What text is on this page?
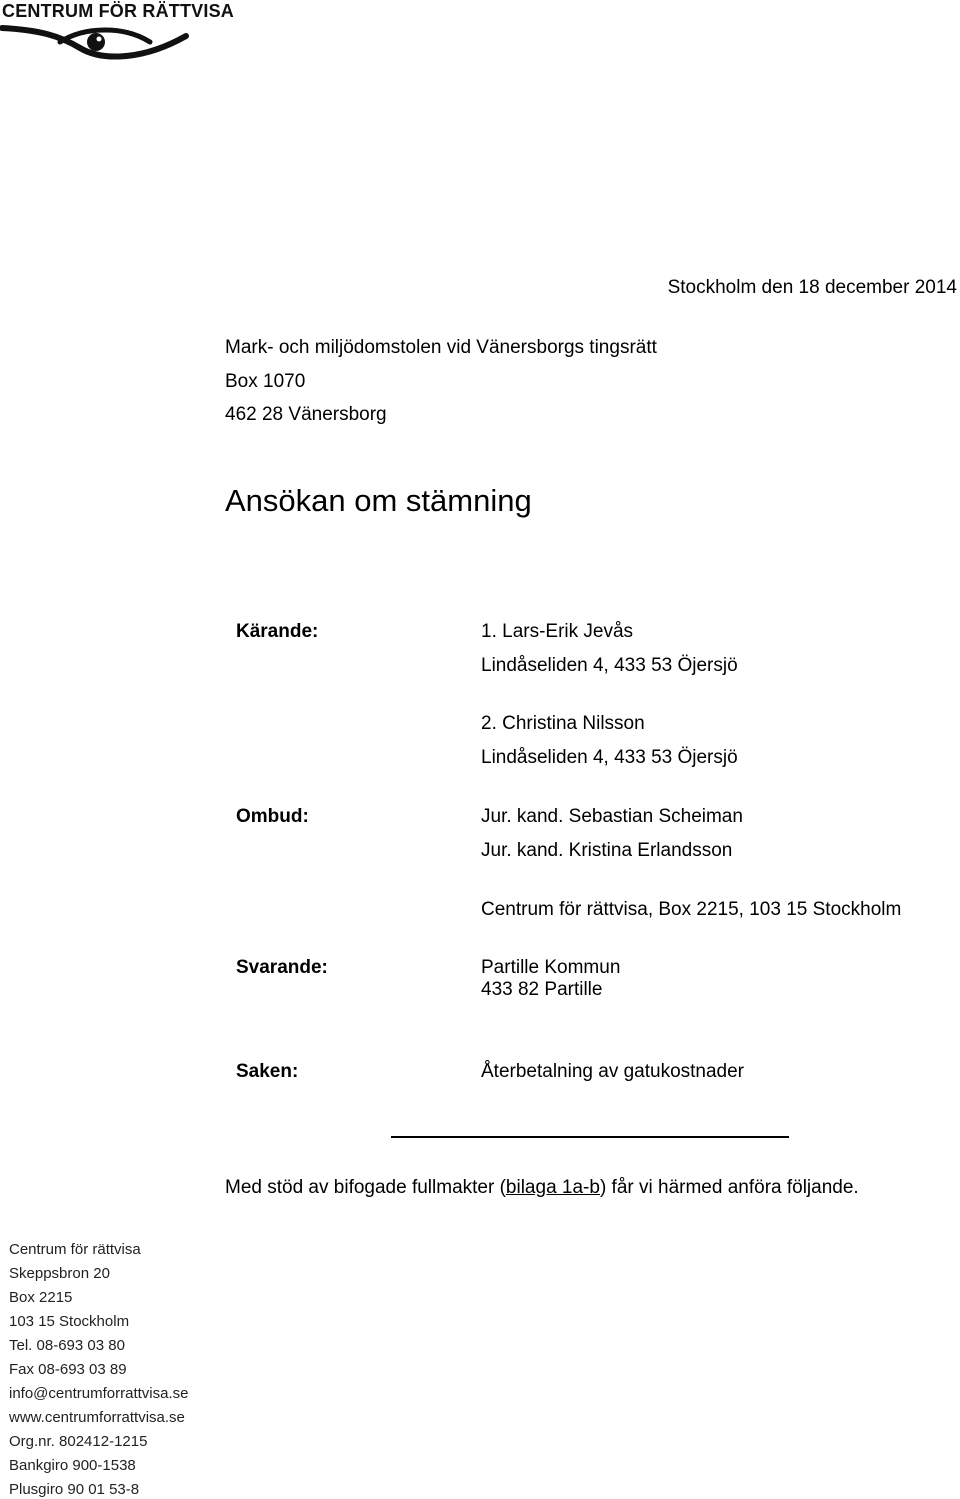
CENTRUM FÖR RÄTTVISA
Stockholm den 18 december 2014
Mark- och miljödomstolen vid Vänersborgs tingsrätt
Box 1070
462 28 Vänersborg
Ansökan om stämning
Kärande:	1. Lars-Erik Jevås
Lindåseliden 4, 433 53 Öjersjö
2. Christina Nilsson
Lindåseliden 4, 433 53 Öjersjö
Ombud:	Jur. kand. Sebastian Scheiman
Jur. kand. Kristina Erlandsson
Centrum för rättvisa, Box 2215, 103 15 Stockholm
Svarande:	Partille Kommun
433 82 Partille
Saken:	Återbetalning av gatukostnader
Med stöd av bifogade fullmakter (bilaga 1a-b) får vi härmed anföra följande.
Centrum för rättvisa
Skeppsbron 20
Box 2215
103 15 Stockholm
Tel. 08-693 03 80
Fax 08-693 03 89
info@centrumforrattvisa.se
www.centrumforrattvisa.se
Org.nr. 802412-1215
Bankgiro 900-1538
Plusgiro 90 01 53-8
